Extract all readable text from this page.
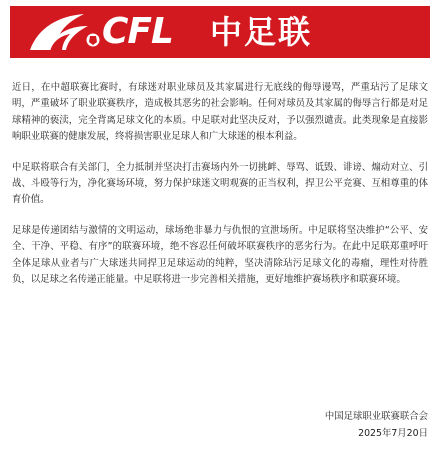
CFL 中足联

近日，在中超联赛比赛时，有球迷对职业球员及其家属进行无底线的侮辱谩骂，严重玷污了足球文明，严重破坏了职业联赛秩序，造成极其恶劣的社会影响。任何对球员及其家属的侮辱言行都是对足球精神的亵渎，完全背离足球文化的本质。中足联对此坚决反对，予以强烈谴责。此类现象是直接影响职业联赛的健康发展，终将损害职业足球人和广大球迷的根本利益。

中足联将联合有关部门，全力抵制并坚决打击赛场内外一切挑衅、辱骂、诋毁、诽谤、煽动对立、引战、斗殴等行为，净化赛场环境，努力保护球迷文明观赛的正当权利，捍卫公平竞赛、互相尊重的体育价值。

足球是传递团结与激情的文明运动，球场绝非暴力与仇恨的宣泄场所。中足联将坚决维护“公平、安全、干净、平稳、有序”的联赛环境，绝不容忍任何破坏联赛秩序的恶劣行为。在此中足联郑重呼吁全体足球从业者与广大球迷共同捍卫足球运动的纯粹，坚决清除玷污足球文化的毒瘤，理性对待胜负，以足球之名传递正能量。中足联将进一步完善相关措施，更好地维护赛场秩序和联赛环境。

中国足球职业联赛联合会
2025年7月20日
